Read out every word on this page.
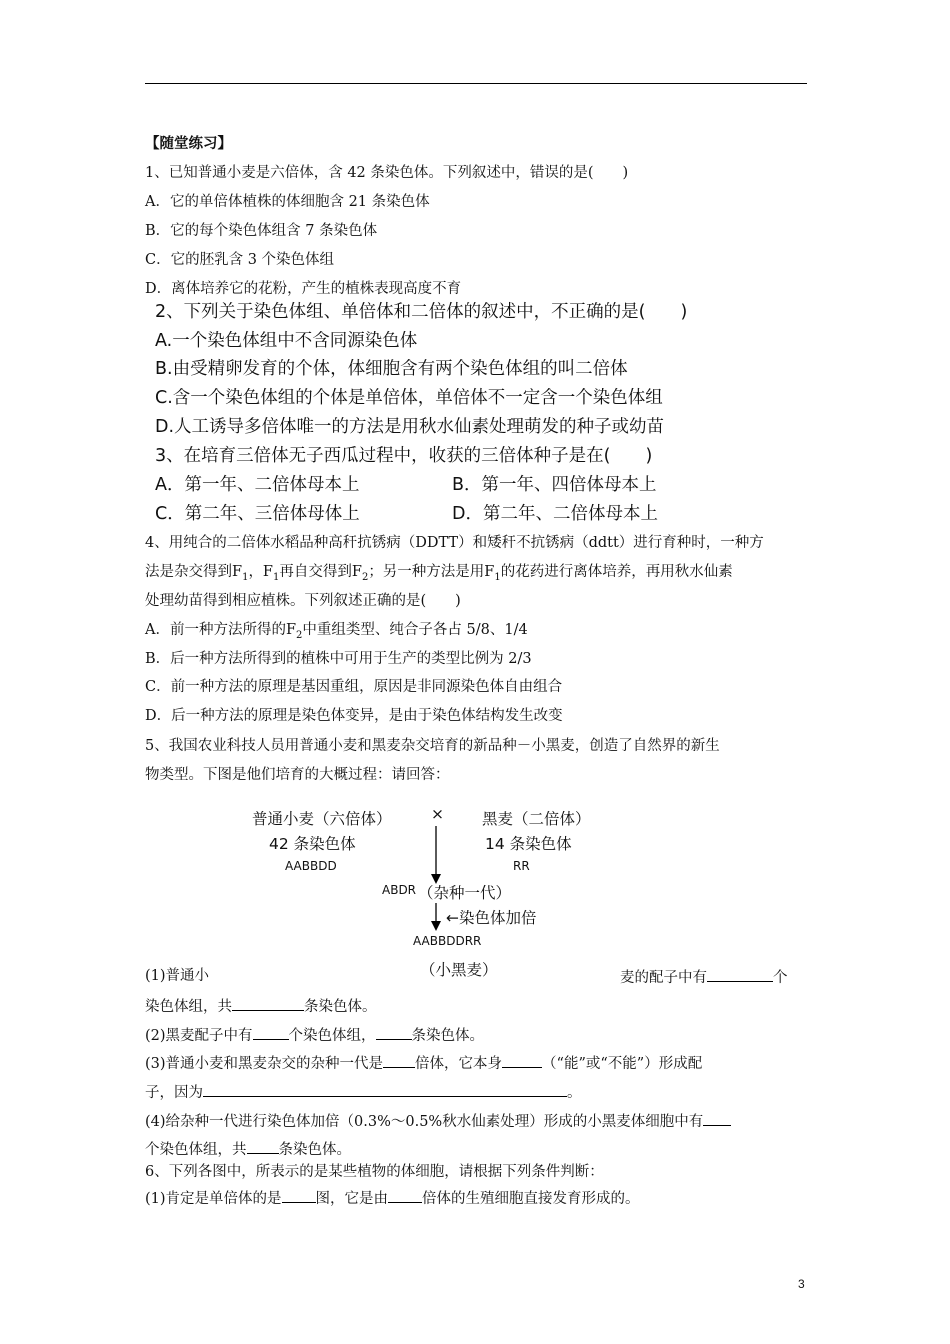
【随堂练习】
1、已知普通小麦是六倍体，含 42 条染色体。下列叙述中，错误的是(　　)
A．它的单倍体植株的体细胞含 21 条染色体
B．它的每个染色体组含 7 条染色体
C．它的胚乳含 3 个染色体组
D．离体培养它的花粉，产生的植株表现高度不育
2、下列关于染色体组、单倍体和二倍体的叙述中，不正确的是(　　)
A.一个染色体组中不含同源染色体
B.由受精卵发育的个体，体细胞含有两个染色体组的叫二倍体
C.含一个染色体组的个体是单倍体，单倍体不一定含一个染色体组
D.人工诱导多倍体唯一的方法是用秋水仙素处理萌发的种子或幼苗
3、在培育三倍体无子西瓜过程中，收获的三倍体种子是在(　　)
A．第一年、二倍体母本上	B．第一年、四倍体母本上
C．第二年、三倍体母体上	D．第二年、二倍体母本上
4、用纯合的二倍体水稻品种高秆抗锈病（DDTT）和矮秆不抗锈病（ddtt）进行育种时，一种方
法是杂交得到$F_1$，$F_1$再自交得到$F_2$；另一种方法是用$F_1$的花药进行离体培养，再用秋水仙素
处理幼苗得到相应植株。下列叙述正确的是(　　)
A．前一种方法所得的$F_2$中重组类型、纯合子各占 5/8、1/4
B．后一种方法所得到的植株中可用于生产的类型比例为 2/3
C．前一种方法的原理是基因重组，原因是非同源染色体自由组合
D．后一种方法的原理是染色体变异，是由于染色体结构发生改变
5、我国农业科技人员用普通小麦和黑麦杂交培育的新品种－小黑麦，创造了自然界的新生
物类型。下图是他们培育的大概过程：请回答：
普通小麦（六倍体）	× 黑麦（二倍体）
42 条染色体	14 条染色体
AABBDD	RR
ABDR （杂种一代）
←染色体加倍
AABBDDRR
（小黑麦）
(1)普通小	麦的配子中有	个
染色体组，共	条染色体。
(2)黑麦配子中有 个染色体组， 条染色体。
(3)普通小麦和黑麦杂交的杂种一代是 倍体，它本身	（“能”或“不能”）形成配
子，因为	。
(4)给杂种一代进行染色体加倍（0.3%～0.5%秋水仙素处理）形成的小黑麦体细胞中有
个染色体组，共 条染色体。
6、下列各图中，所表示的是某些植物的体细胞，请根据下列条件判断：
(1)肯定是单倍体的是 图，它是由 倍体的生殖细胞直接发育形成的。
3
